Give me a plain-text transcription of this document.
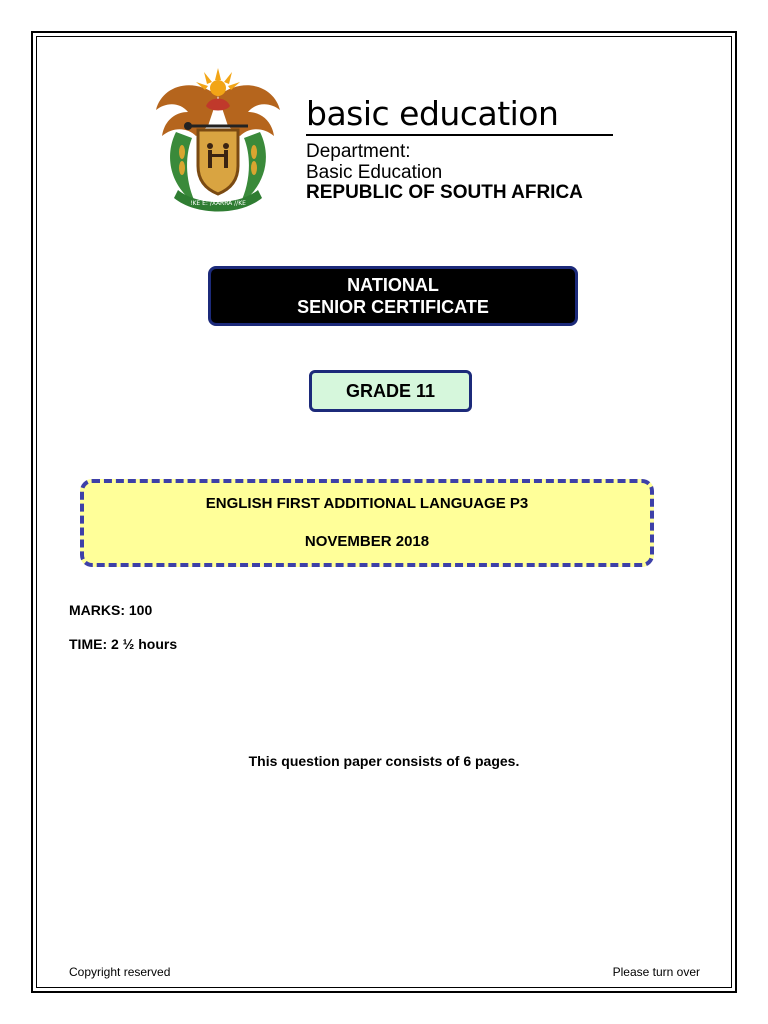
!KE E: /XARRA //KE
basic education
Department:
Basic Education
REPUBLIC OF SOUTH AFRICA
NATIONAL
SENIOR CERTIFICATE
GRADE 11
ENGLISH FIRST ADDITIONAL LANGUAGE P3
NOVEMBER 2018
MARKS: 100
TIME: 2 ½ hours
This question paper consists of 6 pages.
Copyright reserved	Please turn over
